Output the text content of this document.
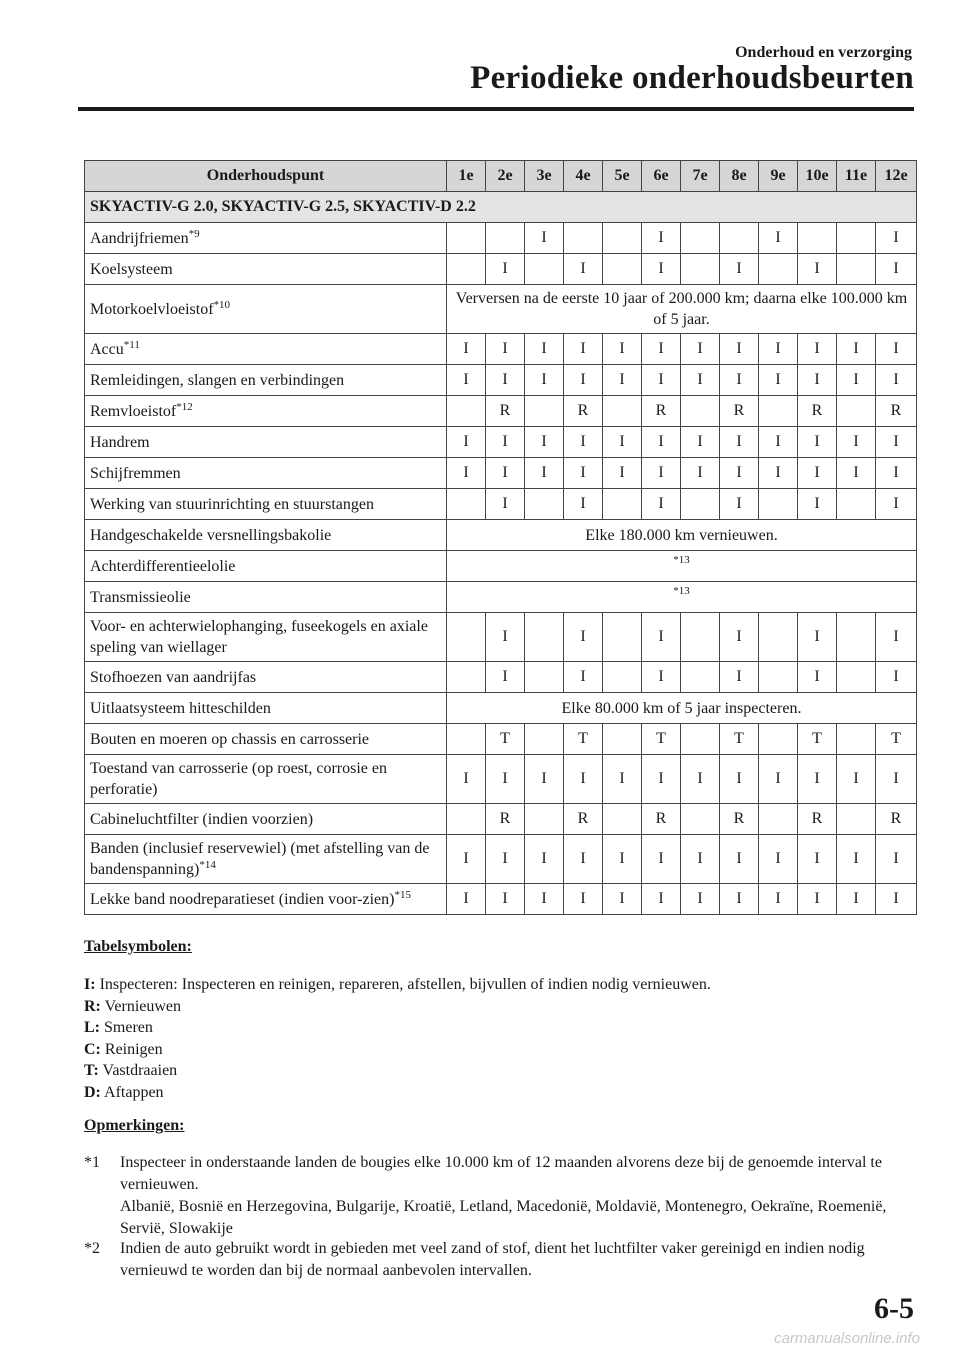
Onderhoud en verzorging
Periodieke onderhoudsbeurten
Onderhoudspunt	1e	2e	3e	4e	5e	6e	7e	8e	9e	10e	11e	12e
SKYACTIV-G 2.0, SKYACTIV-G 2.5, SKYACTIV-D 2.2												
Aandrijfriemen$^{*9}$			I			I			I			I
Koelsysteem		I		I		I		I		I		I
Motorkoelvloeistof$^{*10}$	Verversen na de eerste 10 jaar of 200.000 km; daarna elke 100.000 km of 5 jaar.											
Accu$^{*11}$	I	I	I	I	I	I	I	I	I	I	I	I
Remleidingen, slangen en verbindingen	I	I	I	I	I	I	I	I	I	I	I	I
Remvloeistof$^{*12}$		R		R		R		R		R		R
Handrem	I	I	I	I	I	I	I	I	I	I	I	I
Schijfremmen	I	I	I	I	I	I	I	I	I	I	I	I
Werking van stuurinrichting en stuurstangen		I		I		I		I		I		I
Handgeschakelde versnellingsbakolie	Elke 180.000 km vernieuwen.											
Achterdifferentieelolie	*13											
Transmissieolie	*13											
Voor- en achterwielophanging, fuseekogels en axiale speling van wiellager		I		I		I		I		I		I
Stofhoezen van aandrijfas		I		I		I		I		I		I
Uitlaatsysteem hitteschilden	Elke 80.000 km of 5 jaar inspecteren.											
Bouten en moeren op chassis en carrosserie		T		T		T		T		T		T
Toestand van carrosserie (op roest, corrosie en perforatie)	I	I	I	I	I	I	I	I	I	I	I	I
Cabineluchtfilter (indien voorzien)		R		R		R		R		R		R
Banden (inclusief reservewiel) (met afstelling van de bandenspanning)$^{*14}$	I	I	I	I	I	I	I	I	I	I	I	I
Lekke band noodreparatieset (indien voor-zien)$^{*15}$	I	I	I	I	I	I	I	I	I	I	I	I
Tabelsymbolen:

I: Inspecteren: Inspecteren en reinigen, repareren, afstellen, bijvullen of indien nodig vernieuwen.

R: Vernieuwen

L: Smeren

C: Reinigen

T: Vastdraaien

D: Aftappen

Opmerkingen:
*1 Inspecteer in onderstaande landen de bougies elke 10.000 km of 12 maanden alvorens deze bij de genoemde interval te vernieuwen.
Albanië, Bosnië en Herzegovina, Bulgarije, Kroatië, Letland, Macedonië, Moldavië, Montenegro, Oekraïne, Roemenië, Servië, Slowakije
*2 Indien de auto gebruikt wordt in gebieden met veel zand of stof, dient het luchtfilter vaker gereinigd en indien nodig vernieuwd te worden dan bij de normaal aanbevolen intervallen.
6-5
carmanualsonline.info
